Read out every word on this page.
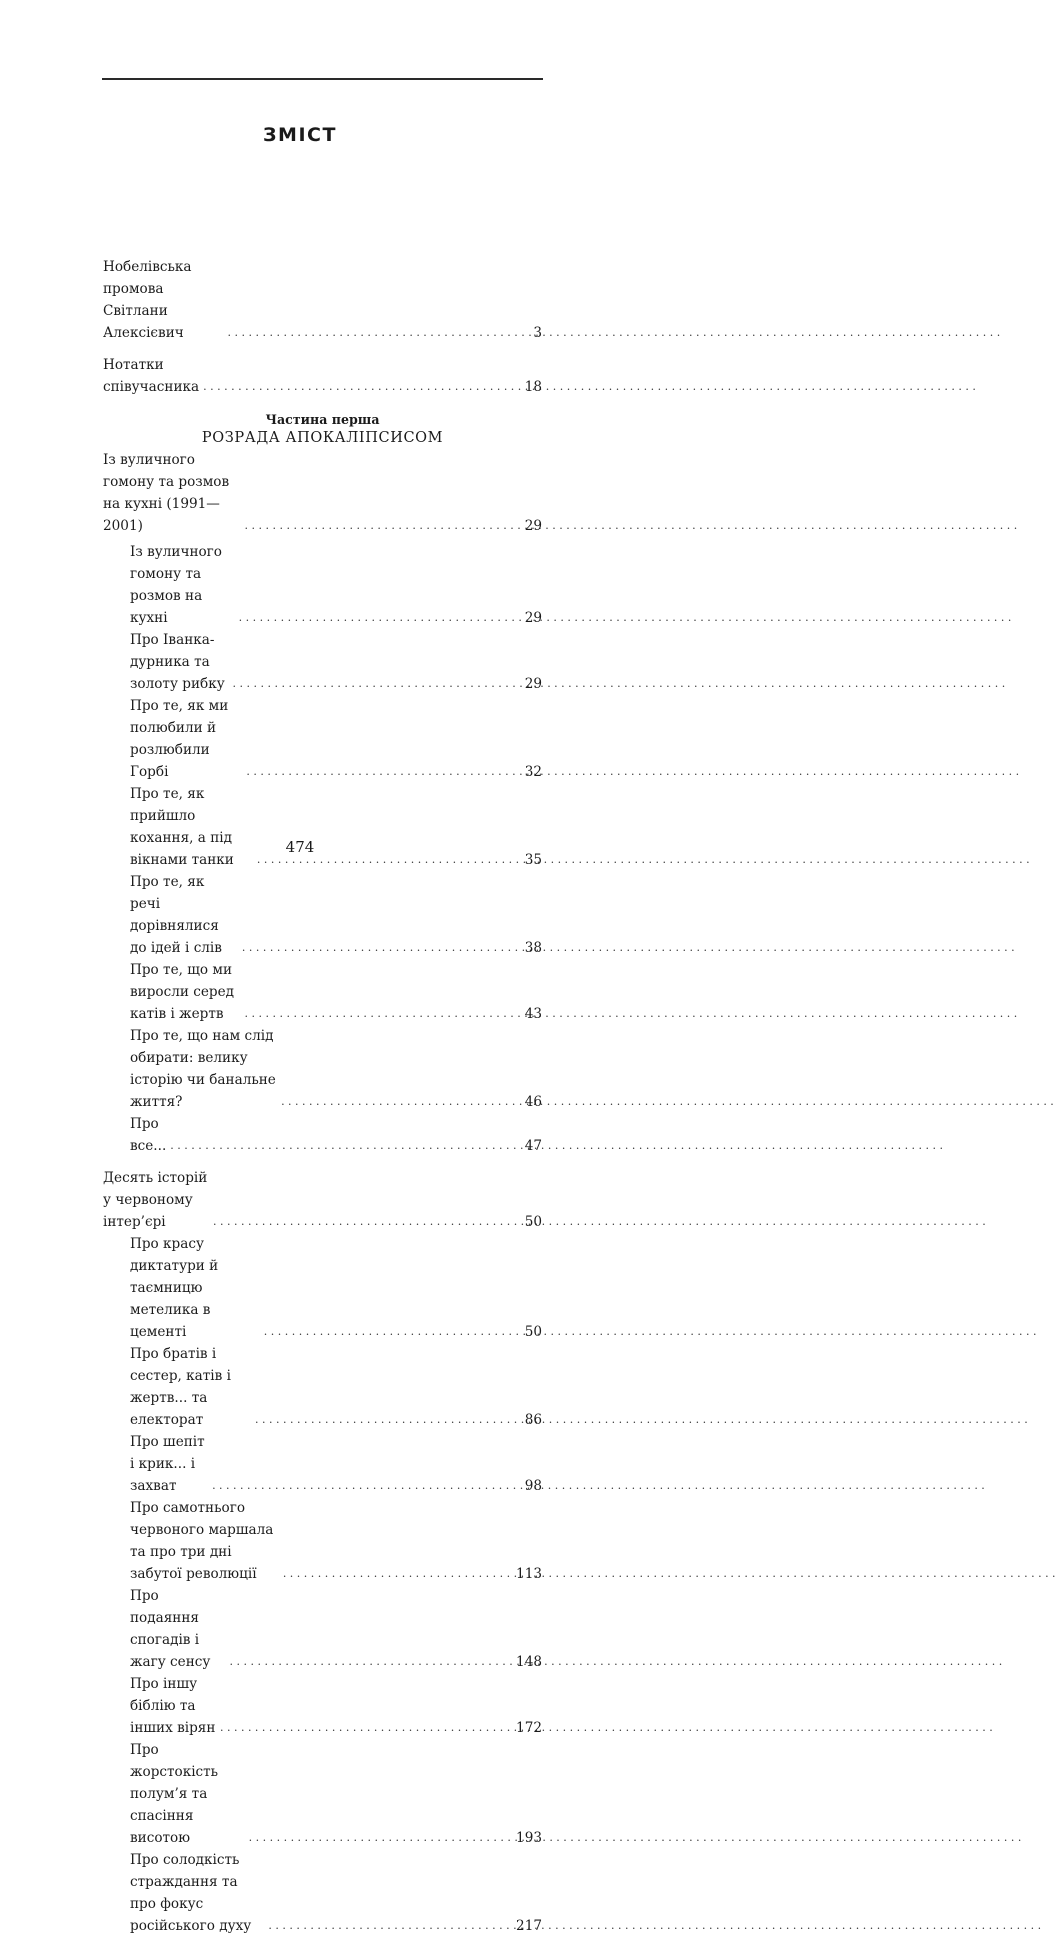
ЗМІСТ
Нобелівська промова Світлани Алексієвич . . .	3
Нотатки співучасника . . .	18
Частина перша
РОЗРАДА АПОКАЛІПСИСОМ
Із вуличного гомону та розмов на кухні (1991—2001) . . .	29
Із вуличного гомону та розмов на кухні . . .	29
Про Іванка-дурника та золоту рибку . . .	29
Про те, як ми полюбили й розлюбили Горбі . . .	32
Про те, як прийшло кохання, а під вікнами танки . . .	35
Про те, як речі дорівнялися до ідей і слів . . .	38
Про те, що ми виросли серед катів і жертв . . .	43
Про те, що нам слід обирати: велику історію чи банальне життя? . . .	46
Про все... . . .	47
Десять історій у червоному інтер’єрі . . .	50
Про красу диктатури й таємницю метелика в цементі . . .	50
Про братів і сестер, катів і жертв... та електорат . . .	86
Про шепіт і крик... і захват . . .	98
Про самотнього червоного маршала та про три дні забутої революції . . .	113
Про подаяння спогадів і жагу сенсу . . .	148
Про іншу біблію та інших вірян . . .	172
Про жорстокість полум’я та спасіння висотою . . .	193
Про солодкість страждання та про фокус російського духу . . .	217
474
